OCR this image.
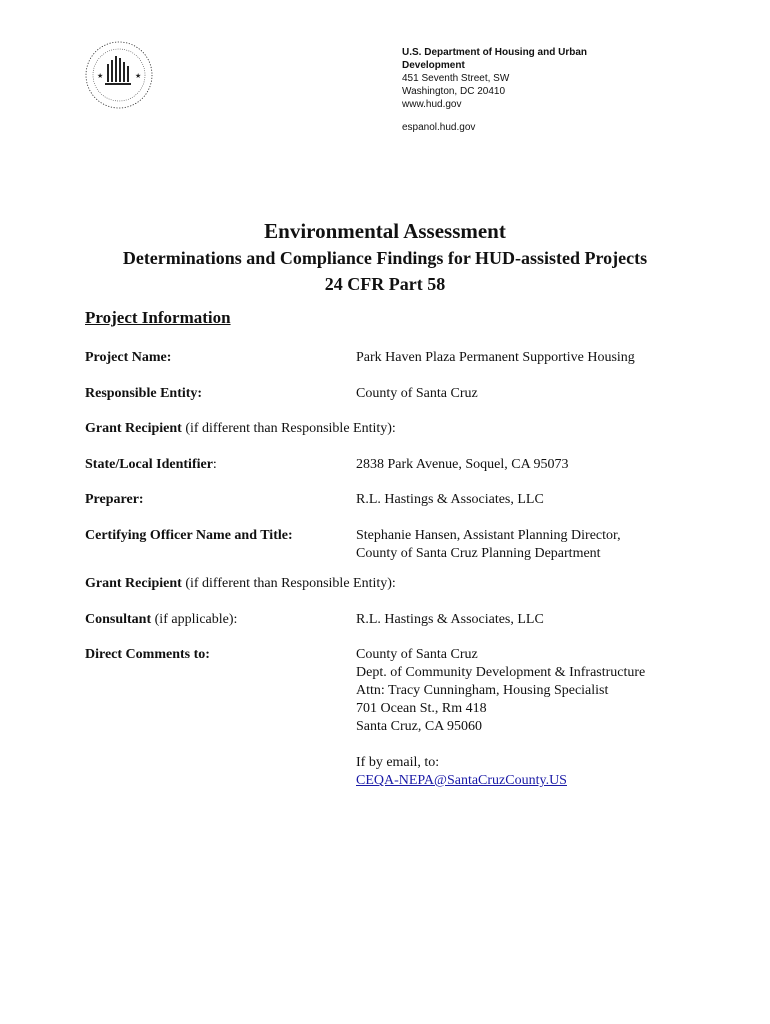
★	★
U.S. Department of Housing and Urban Development
451 Seventh Street, SW
Washington, DC 20410
www.hud.gov
espanol.hud.gov
Environmental Assessment
Determinations and Compliance Findings for HUD-assisted Projects
24 CFR Part 58
Project Information
Project Name:	Park Haven Plaza Permanent Supportive Housing
Responsible Entity:	County of Santa Cruz
Grant Recipient (if different than Responsible Entity):
State/Local Identifier:	2838 Park Avenue, Soquel, CA 95073
Preparer:	R.L. Hastings & Associates, LLC
Certifying Officer Name and Title:	Stephanie Hansen, Assistant Planning Director,
County of Santa Cruz Planning Department
Grant Recipient (if different than Responsible Entity):
Consultant (if applicable):	R.L. Hastings & Associates, LLC
Direct Comments to:	County of Santa Cruz
Dept. of Community Development & Infrastructure
Attn: Tracy Cunningham, Housing Specialist
701 Ocean St., Rm 418
Santa Cruz, CA 95060
If by email, to:
CEQA-NEPA@SantaCruzCounty.US
